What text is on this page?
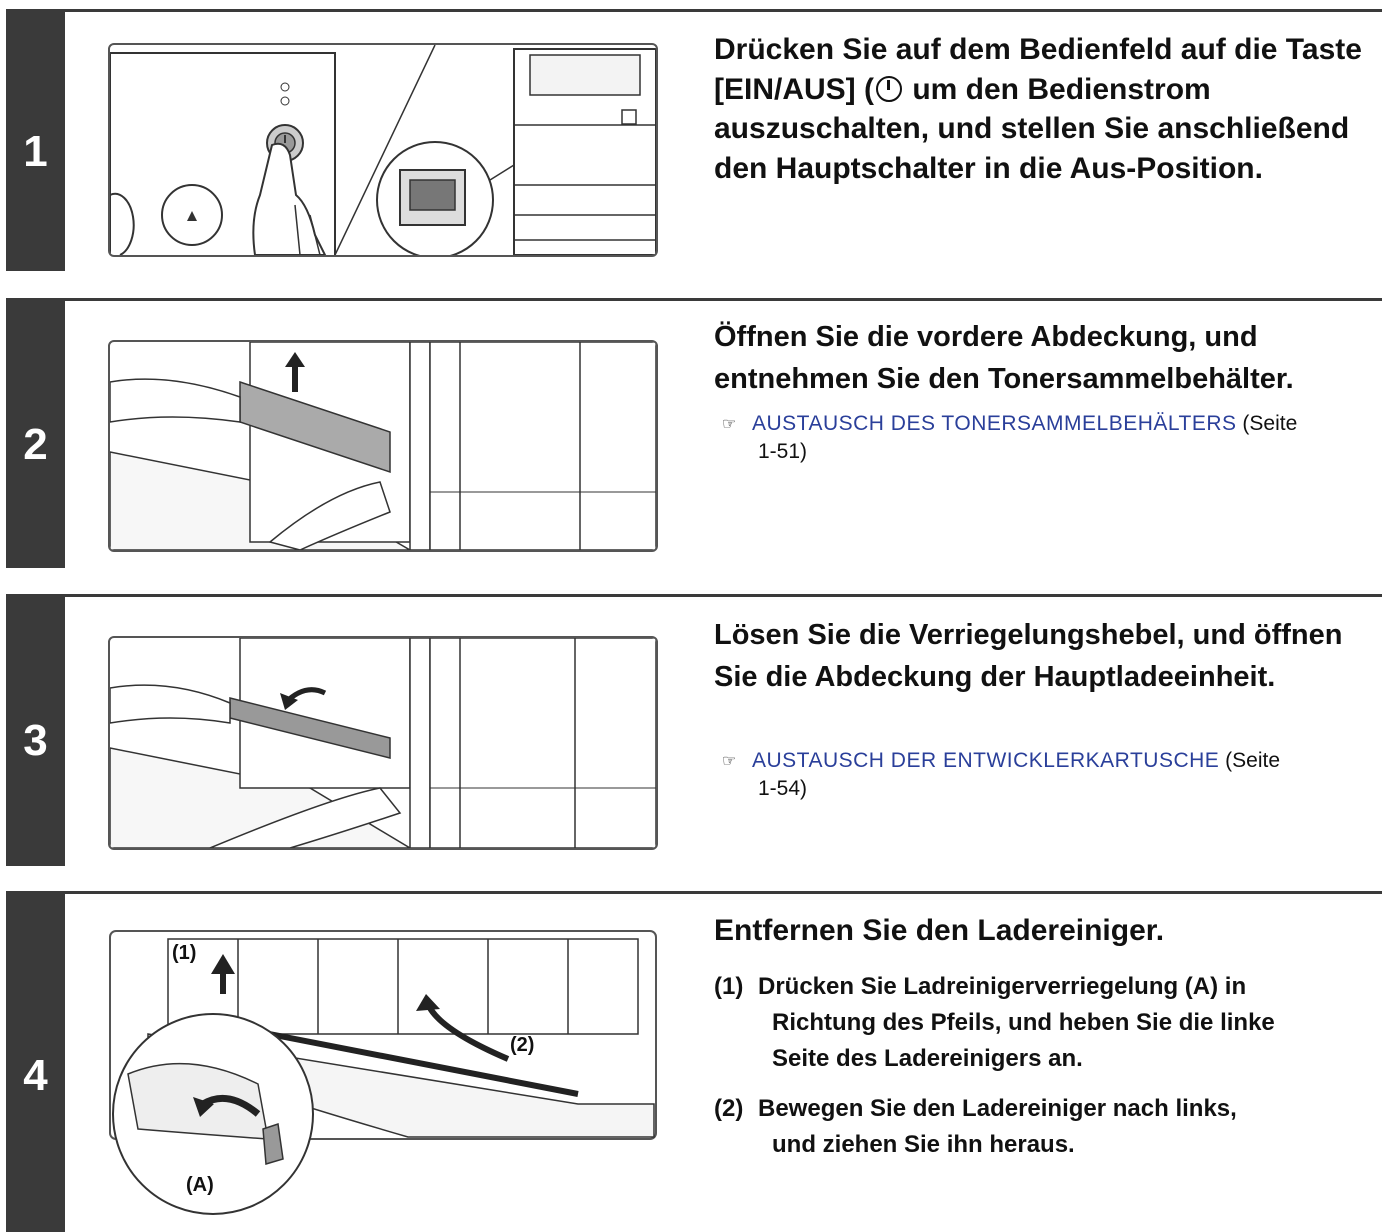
1

Drücken Sie auf dem Bedienfeld auf die Taste [EIN/AUS] ( um den Bedienstrom auszuschalten, und stellen Sie anschließend den Hauptschalter in die Aus-Position.

2

Öffnen Sie die vordere Abdeckung, und entnehmen Sie den Tonersammelbehälter.

☞ AUSTAUSCH DES TONERSAMMELBEHÄLTERS (Seite
1-51)
3

Lösen Sie die Verriegelungshebel, und öffnen Sie die Abdeckung der Hauptladeeinheit.

☞ AUSTAUSCH DER ENTWICKLERKARTUSCHE (Seite
1-54)
4
(1)
(2)
(A)

Entfernen Sie den Ladereiniger.

(1) Drücken Sie Ladreinigerverriegelung (A) in
Richtung des Pfeils, und heben Sie die linke
Seite des Ladereinigers an.
(2) Bewegen Sie den Ladereiniger nach links,
und ziehen Sie ihn heraus.
